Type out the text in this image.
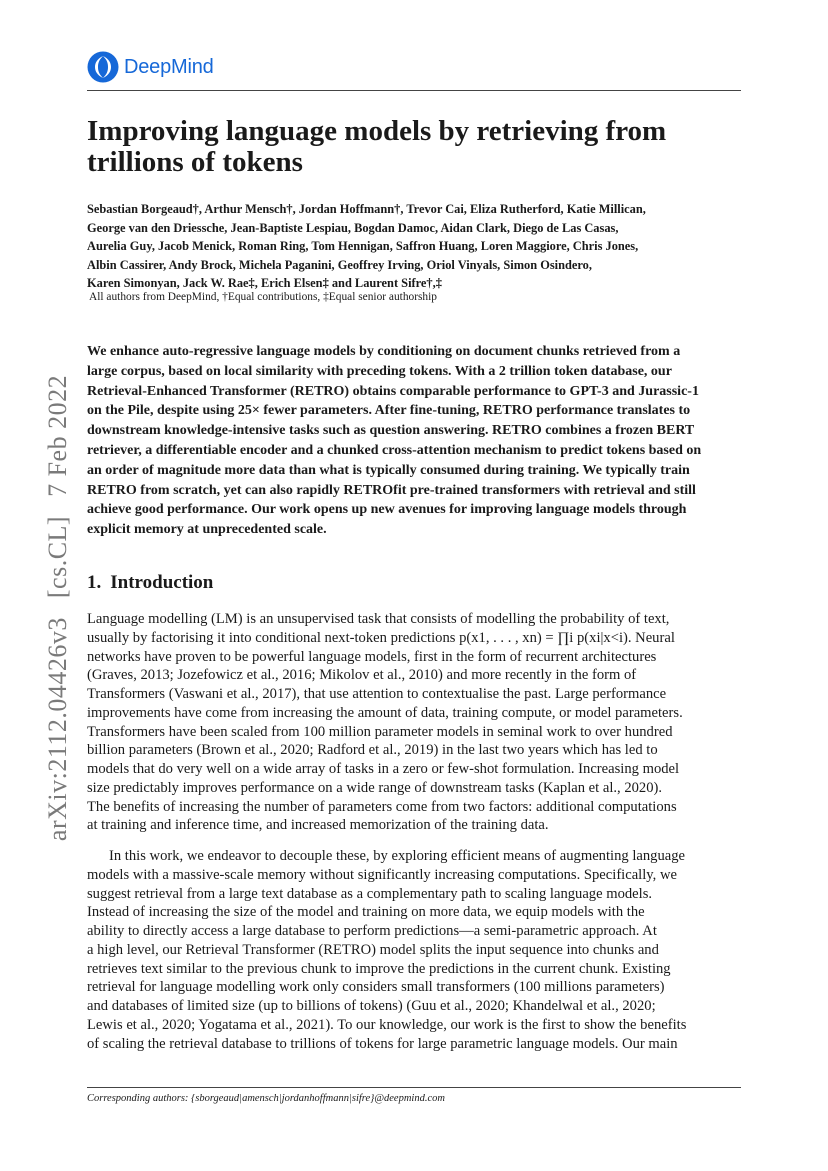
DeepMind
arXiv:2112.04426v3 [cs.CL] 7 Feb 2022
Improving language models by retrieving from trillions of tokens
Sebastian Borgeaud†, Arthur Mensch†, Jordan Hoffmann†, Trevor Cai, Eliza Rutherford, Katie Millican,
George van den Driessche, Jean-Baptiste Lespiau, Bogdan Damoc, Aidan Clark, Diego de Las Casas,
Aurelia Guy, Jacob Menick, Roman Ring, Tom Hennigan, Saffron Huang, Loren Maggiore, Chris Jones,
Albin Cassirer, Andy Brock, Michela Paganini, Geoffrey Irving, Oriol Vinyals, Simon Osindero,
Karen Simonyan, Jack W. Rae‡, Erich Elsen‡ and Laurent Sifre†,‡
All authors from DeepMind, †Equal contributions, ‡Equal senior authorship
We enhance auto-regressive language models by conditioning on document chunks retrieved from a
large corpus, based on local similarity with preceding tokens. With a 2 trillion token database, our
Retrieval-Enhanced Transformer (RETRO) obtains comparable performance to GPT-3 and Jurassic-1
on the Pile, despite using 25× fewer parameters. After fine-tuning, RETRO performance translates to
downstream knowledge-intensive tasks such as question answering. RETRO combines a frozen BERT
retriever, a differentiable encoder and a chunked cross-attention mechanism to predict tokens based on
an order of magnitude more data than what is typically consumed during training. We typically train
RETRO from scratch, yet can also rapidly RETROfit pre-trained transformers with retrieval and still
achieve good performance. Our work opens up new avenues for improving language models through
explicit memory at unprecedented scale.
1. Introduction
Language modelling (LM) is an unsupervised task that consists of modelling the probability of text,
usually by factorising it into conditional next-token predictions p(x1, . . . , xn) = ∏i p(xi|x<i). Neural
networks have proven to be powerful language models, first in the form of recurrent architectures
(Graves, 2013; Jozefowicz et al., 2016; Mikolov et al., 2010) and more recently in the form of
Transformers (Vaswani et al., 2017), that use attention to contextualise the past. Large performance
improvements have come from increasing the amount of data, training compute, or model parameters.
Transformers have been scaled from 100 million parameter models in seminal work to over hundred
billion parameters (Brown et al., 2020; Radford et al., 2019) in the last two years which has led to
models that do very well on a wide array of tasks in a zero or few-shot formulation. Increasing model
size predictably improves performance on a wide range of downstream tasks (Kaplan et al., 2020).
The benefits of increasing the number of parameters come from two factors: additional computations
at training and inference time, and increased memorization of the training data.
In this work, we endeavor to decouple these, by exploring efficient means of augmenting language
models with a massive-scale memory without significantly increasing computations. Specifically, we
suggest retrieval from a large text database as a complementary path to scaling language models.
Instead of increasing the size of the model and training on more data, we equip models with the
ability to directly access a large database to perform predictions—a semi-parametric approach. At
a high level, our Retrieval Transformer (RETRO) model splits the input sequence into chunks and
retrieves text similar to the previous chunk to improve the predictions in the current chunk. Existing
retrieval for language modelling work only considers small transformers (100 millions parameters)
and databases of limited size (up to billions of tokens) (Guu et al., 2020; Khandelwal et al., 2020;
Lewis et al., 2020; Yogatama et al., 2021). To our knowledge, our work is the first to show the benefits
of scaling the retrieval database to trillions of tokens for large parametric language models. Our main
Corresponding authors: {sborgeaud|amensch|jordanhoffmann|sifre}@deepmind.com
